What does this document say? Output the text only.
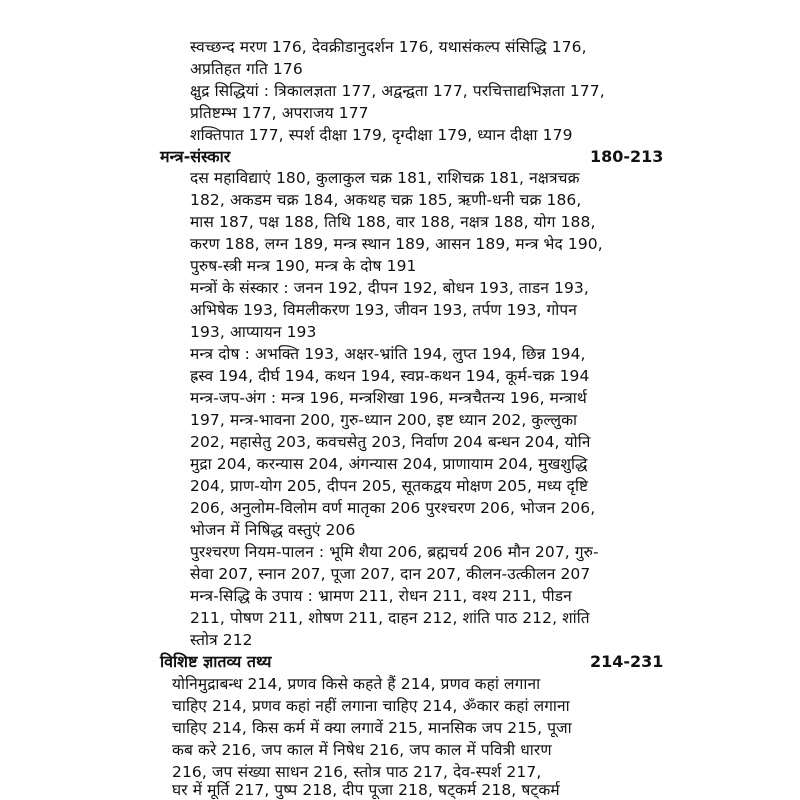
स्वच्छन्द मरण 176, देवक्रीडानुदर्शन 176, यथासंकल्प संसिद्धि 176,
अप्रतिहत गति 176
क्षुद्र सिद्धियां : त्रिकालज्ञता 177, अद्वन्द्वता 177, परचित्ताद्यभिज्ञता 177,
प्रतिष्टम्भ 177, अपराजय 177
शक्तिपात 177, स्पर्श दीक्षा 179, दृग्दीक्षा 179, ध्यान दीक्षा 179
मन्त्र-संस्कार	180-213
दस महाविद्याएं 180, कुलाकुल चक्र 181, राशिचक्र 181, नक्षत्रचक्र
182, अकडम चक्र 184, अकथह चक्र 185, ऋणी-धनी चक्र 186,
मास 187, पक्ष 188, तिथि 188, वार 188, नक्षत्र 188, योग 188,
करण 188, लग्न 189, मन्त्र स्थान 189, आसन 189, मन्त्र भेद 190,
पुरुष-स्त्री मन्त्र 190, मन्त्र के दोष 191
मन्त्रों के संस्कार : जनन 192, दीपन 192, बोधन 193, ताडन 193,
अभिषेक 193, विमलीकरण 193, जीवन 193, तर्पण 193, गोपन
193, आप्यायन 193
मन्त्र दोष : अभक्ति 193, अक्षर-भ्रांति 194, लुप्त 194, छिन्न 194,
ह्रस्व 194, दीर्घ 194, कथन 194, स्वप्न-कथन 194, कूर्म-चक्र 194
मन्त्र-जप-अंग : मन्त्र 196, मन्त्रशिखा 196, मन्त्रचैतन्य 196, मन्त्रार्थ
197, मन्त्र-भावना 200, गुरु-ध्यान 200, इष्ट ध्यान 202, कुल्लुका
202, महासेतु 203, कवचसेतु 203, निर्वाण 204 बन्धन 204, योनि
मुद्रा 204, करन्यास 204, अंगन्यास 204, प्राणायाम 204, मुखशुद्धि
204, प्राण-योग 205, दीपन 205, सूतकद्वय मोक्षण 205, मध्य दृष्टि
206, अनुलोम-विलोम वर्ण मातृका 206 पुरश्चरण 206, भोजन 206,
भोजन में निषिद्ध वस्तुएं 206
पुरश्चरण नियम-पालन : भूमि शैया 206, ब्रह्मचर्य 206 मौन 207, गुरु-
सेवा 207, स्नान 207, पूजा 207, दान 207, कीलन-उत्कीलन 207
मन्त्र-सिद्धि के उपाय : भ्रामण 211, रोधन 211, वश्य 211, पीडन
211, पोषण 211, शोषण 211, दाहन 212, शांति पाठ 212, शांति
स्तोत्र 212
विशिष्ट ज्ञातव्य तथ्य	214-231
योनिमुद्राबन्ध 214, प्रणव किसे कहते हैं 214, प्रणव कहां लगाना
चाहिए 214, प्रणव कहां नहीं लगाना चाहिए 214, ॐकार कहां लगाना
चाहिए 214, किस कर्म में क्या लगावें 215, मानसिक जप 215, पूजा
कब करे 216, जप काल में निषेध 216, जप काल में पवित्री धारण
216, जप संख्या साधन 216, स्तोत्र पाठ 217, देव-स्पर्श 217,
घर में मूर्ति 217, पुष्प 218, दीप पूजा 218, षट्कर्म 218, षट्कर्म
